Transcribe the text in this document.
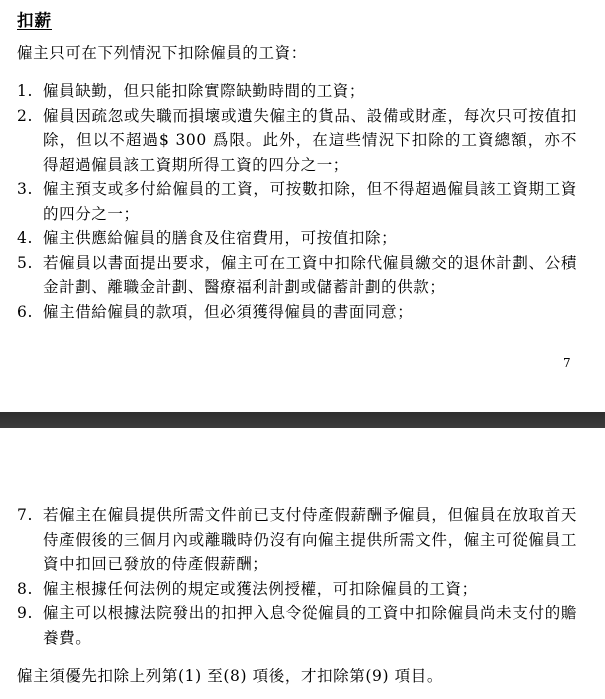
扣薪
僱主只可在下列情況下扣除僱員的工資：
1. 僱員缺勤，但只能扣除實際缺勤時間的工資；
2. 僱員因疏忽或失職而損壞或遺失僱主的貨品、設備或財產，每次只可按值扣除，但以不超過$ 300 爲限。此外，在這些情況下扣除的工資總額，亦不得超過僱員該工資期所得工資的四分之一；
3. 僱主預支或多付給僱員的工資，可按數扣除，但不得超過僱員該工資期工資的四分之一；
4. 僱主供應給僱員的膳食及住宿費用，可按值扣除；
5. 若僱員以書面提出要求，僱主可在工資中扣除代僱員繳交的退休計劃、公積金計劃、離職金計劃、醫療福利計劃或儲蓄計劃的供款；
6. 僱主借給僱員的款項，但必須獲得僱員的書面同意；
7
7. 若僱主在僱員提供所需文件前已支付侍產假薪酬予僱員，但僱員在放取首天侍產假後的三個月內或離職時仍沒有向僱主提供所需文件，僱主可從僱員工資中扣回已發放的侍產假薪酬；
8. 僱主根據任何法例的規定或獲法例授權，可扣除僱員的工資；
9. 僱主可以根據法院發出的扣押入息令從僱員的工資中扣除僱員尚未支付的贍養費。
僱主須優先扣除上列第(1) 至(8) 項後，才扣除第(9) 項目。
